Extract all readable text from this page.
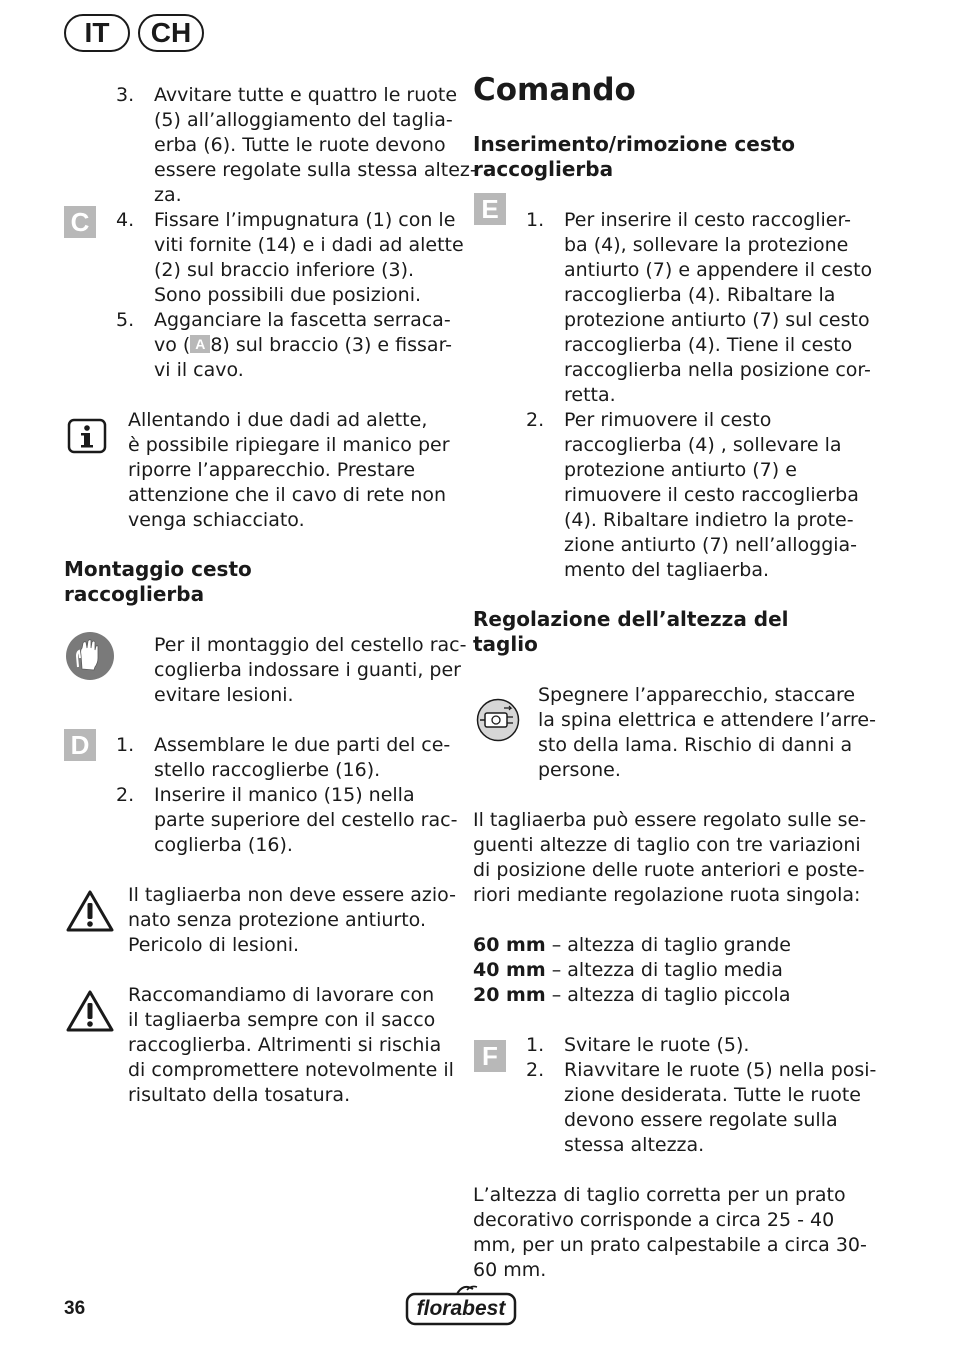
IT	CH
3. Avvitare tutte e quattro le ruote
(5) all’alloggiamento del taglia-
erba (6). Tutte le ruote devono
essere regolate sulla stessa altez-
za.
C	4. Fissare l’impugnatura (1) con le
viti fornite (14) e i dadi ad alette
(2) sul braccio inferiore (3).
Sono possibili due posizioni.
5. Agganciare la fascetta serraca-
vo ( A 8) sul braccio (3) e fissar-
vi il cavo.
Allentando i due dadi ad alette,
è possibile ripiegare il manico per
riporre l’apparecchio. Prestare
attenzione che il cavo di rete non
venga schiacciato.
Montaggio cesto
raccoglierba
Per il montaggio del cestello rac-
coglierba indossare i guanti, per
evitare lesioni.
D	1. Assemblare le due parti del ce-
stello raccoglierbe (16).
2. Inserire il manico (15) nella
parte superiore del cestello rac-
coglierba (16).
Il tagliaerba non deve essere azio-
nato senza protezione antiurto.
Pericolo di lesioni.
Raccomandiamo di lavorare con
il tagliaerba sempre con il sacco
raccoglierba. Altrimenti si rischia
di compromettere notevolmente il
risultato della tosatura.
Comando
Inserimento/rimozione cesto
raccoglierba
E	1. Per inserire il cesto raccoglier-
ba (4), sollevare la protezione
antiurto (7) e appendere il cesto
raccoglierba (4). Ribaltare la
protezione antiurto (7) sul cesto
raccoglierba (4). Tiene il cesto
raccoglierba nella posizione cor-
retta.
2. Per rimuovere il cesto
raccoglierba (4) , sollevare la
protezione antiurto (7) e
rimuovere il cesto raccoglierba
(4). Ribaltare indietro la prote-
zione antiurto (7) nell’alloggia-
mento del tagliaerba.
Regolazione dell’altezza del
taglio
Spegnere l’apparecchio, staccare
la spina elettrica e attendere l’arre-
sto della lama. Rischio di danni a
persone.
Il tagliaerba può essere regolato sulle se-
guenti altezze di taglio con tre variazioni
di posizione delle ruote anteriori e poste-
riori mediante regolazione ruota singola:
60 mm – altezza di taglio grande
40 mm – altezza di taglio media
20 mm – altezza di taglio piccola
F	1. Svitare le ruote (5).
2. Riavvitare le ruote (5) nella posi-
zione desiderata. Tutte le ruote
devono essere regolate sulla
stessa altezza.
L’altezza di taglio corretta per un prato
decorativo corrisponde a circa 25 - 40
mm, per un prato calpestabile a circa 30-
60 mm.
36	florabest
